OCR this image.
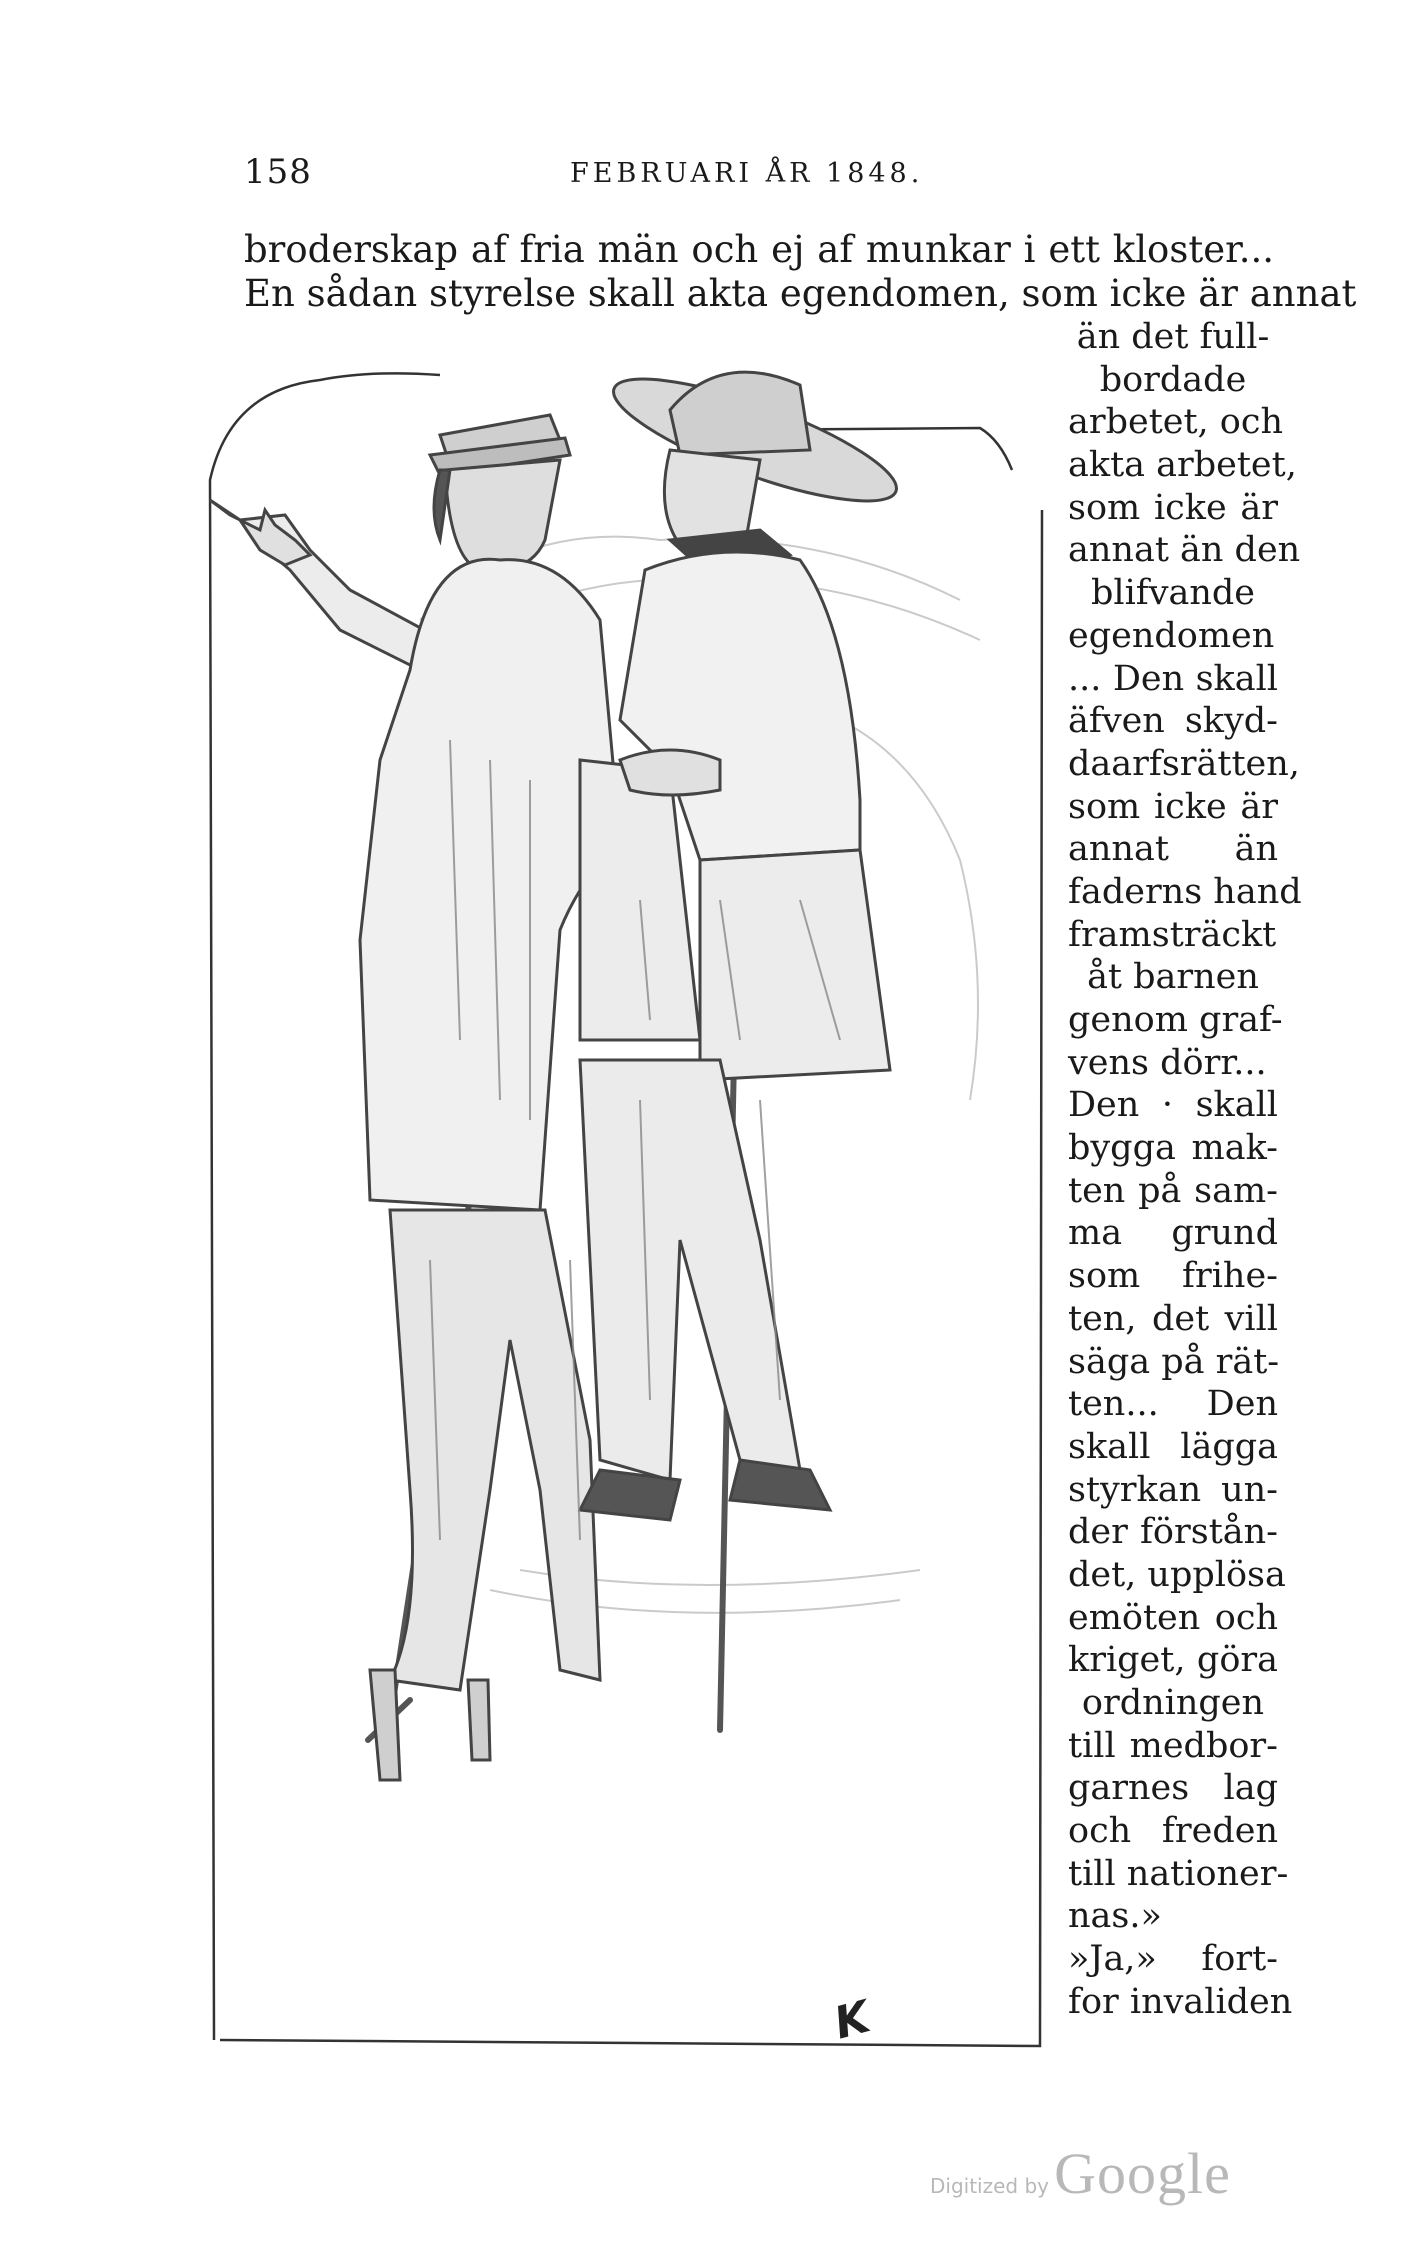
158	FEBRUARI ÅR 1848.
broderskap af fria män och ej af munkar i ett kloster...
En sådan styrelse skall akta egendomen, som icke är annat
än det full-
bordade
arbetet, och
akta arbetet,
som icke är
annat än den
blifvande
egendomen
... Den skall
äfven skyd-
daarfsrätten,
som icke är
annat än
faderns hand
framsträckt
åt barnen
genom graf-
vens dörr...
Den · skall
bygga mak-
ten på sam-
ma grund
som frihe-
ten, det vill
säga på rät-
ten... Den
skall lägga
styrkan un-
der förstån-
det, upplösa
emöten och
kriget, göra
ordningen
till medbor-
garnes lag
och freden
till nationer-
nas.»
»Ja,» fort-
for invaliden
K
Digitized by Google
